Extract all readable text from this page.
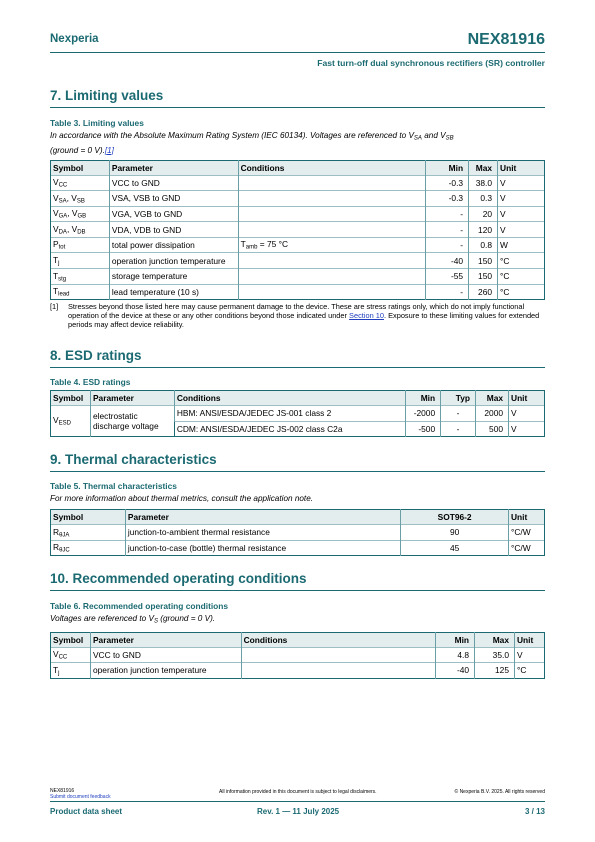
Nexperia	NEX81916
Fast turn-off dual synchronous rectifiers (SR) controller
7. Limiting values
Table 3. Limiting values
In accordance with the Absolute Maximum Rating System (IEC 60134). Voltages are referenced to $V_{SA}$ and $V_{SB}$
(ground = 0 V).[1]
Symbol	Parameter	Conditions	Min	Max	Unit
$V_{CC}$	VCC to GND		-0.3	38.0	V
$V_{SA}$, $V_{SB}$	VSA, VSB to GND		-0.3	0.3	V
$V_{GA}$, $V_{GB}$	VGA, VGB to GND		-	20	V
$V_{DA}$, $V_{DB}$	VDA, VDB to GND		-	120	V
$P_{tot}$	total power dissipation	$T_{amb} = 75$ °C	-	0.8	W
$T_j$	operation junction temperature		-40	150	°C
$T_{stg}$	storage temperature		-55	150	°C
$T_{lead}$	lead temperature (10 s)		-	260	°C
[1] Stresses beyond those listed here may cause permanent damage to the device. These are stress ratings only, which do not imply functional operation of the device at these or any other conditions beyond those indicated under Section 10. Exposure to these limiting values for extended periods may affect device reliability.
8. ESD ratings
Table 4. ESD ratings
Symbol	Parameter	Conditions	Min	Typ	Max	Unit
$V_{ESD}$	electrostatic discharge voltage	HBM: ANSI/ESDA/JEDEC JS-001 class 2	-2000	-	2000	V
		CDM: ANSI/ESDA/JEDEC JS-002 class C2a	-500	-	500	V
9. Thermal characteristics
Table 5. Thermal characteristics
For more information about thermal metrics, consult the application note.
Symbol	Parameter	SOT96-2	Unit
$R_{\theta JA}$	junction-to-ambient thermal resistance	90	°C/W
$R_{\theta JC}$	junction-to-case (bottle) thermal resistance	45	°C/W
10. Recommended operating conditions
Table 6. Recommended operating conditions
Voltages are referenced to $V_S$ (ground = 0 V).
Symbol	Parameter	Conditions	Min	Max	Unit
$V_{CC}$	VCC to GND		4.8	35.0	V
$T_j$	operation junction temperature		-40	125	°C
NEX81916
Submit document feedback
All information provided in this document is subject to legal disclaimers.	© Nexperia B.V. 2025. All rights reserved
Product data sheet	Rev. 1 — 11 July 2025	3 / 13
